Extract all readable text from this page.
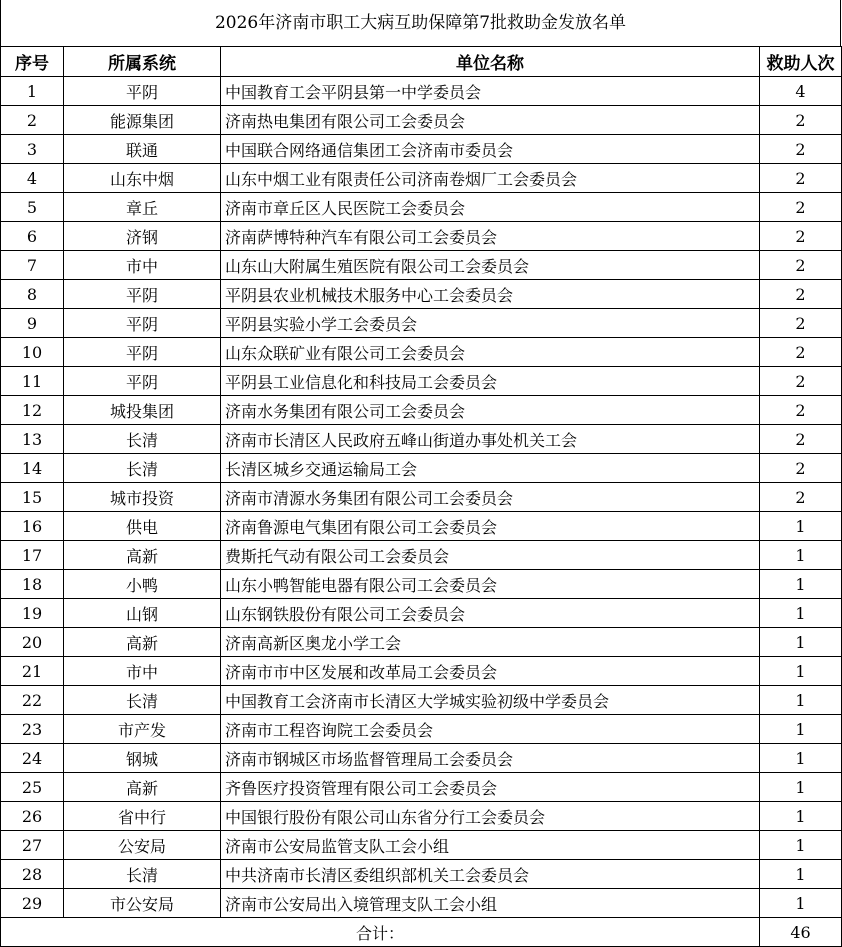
2026年济南市职工大病互助保障第7批救助金发放名单
序号	所属系统	单位名称	救助人次
1	平阴	中国教育工会平阴县第一中学委员会	4
2	能源集团	济南热电集团有限公司工会委员会	2
3	联通	中国联合网络通信集团工会济南市委员会	2
4	山东中烟	山东中烟工业有限责任公司济南卷烟厂工会委员会	2
5	章丘	济南市章丘区人民医院工会委员会	2
6	济钢	济南萨博特种汽车有限公司工会委员会	2
7	市中	山东山大附属生殖医院有限公司工会委员会	2
8	平阴	平阴县农业机械技术服务中心工会委员会	2
9	平阴	平阴县实验小学工会委员会	2
10	平阴	山东众联矿业有限公司工会委员会	2
11	平阴	平阴县工业信息化和科技局工会委员会	2
12	城投集团	济南水务集团有限公司工会委员会	2
13	长清	济南市长清区人民政府五峰山街道办事处机关工会	2
14	长清	长清区城乡交通运输局工会	2
15	城市投资	济南市清源水务集团有限公司工会委员会	2
16	供电	济南鲁源电气集团有限公司工会委员会	1
17	高新	费斯托气动有限公司工会委员会	1
18	小鸭	山东小鸭智能电器有限公司工会委员会	1
19	山钢	山东钢铁股份有限公司工会委员会	1
20	高新	济南高新区奥龙小学工会	1
21	市中	济南市市中区发展和改革局工会委员会	1
22	长清	中国教育工会济南市长清区大学城实验初级中学委员会	1
23	市产发	济南市工程咨询院工会委员会	1
24	钢城	济南市钢城区市场监督管理局工会委员会	1
25	高新	齐鲁医疗投资管理有限公司工会委员会	1
26	省中行	中国银行股份有限公司山东省分行工会委员会	1
27	公安局	济南市公安局监管支队工会小组	1
28	长清	中共济南市长清区委组织部机关工会委员会	1
29	市公安局	济南市公安局出入境管理支队工会小组	1
合计：			46
